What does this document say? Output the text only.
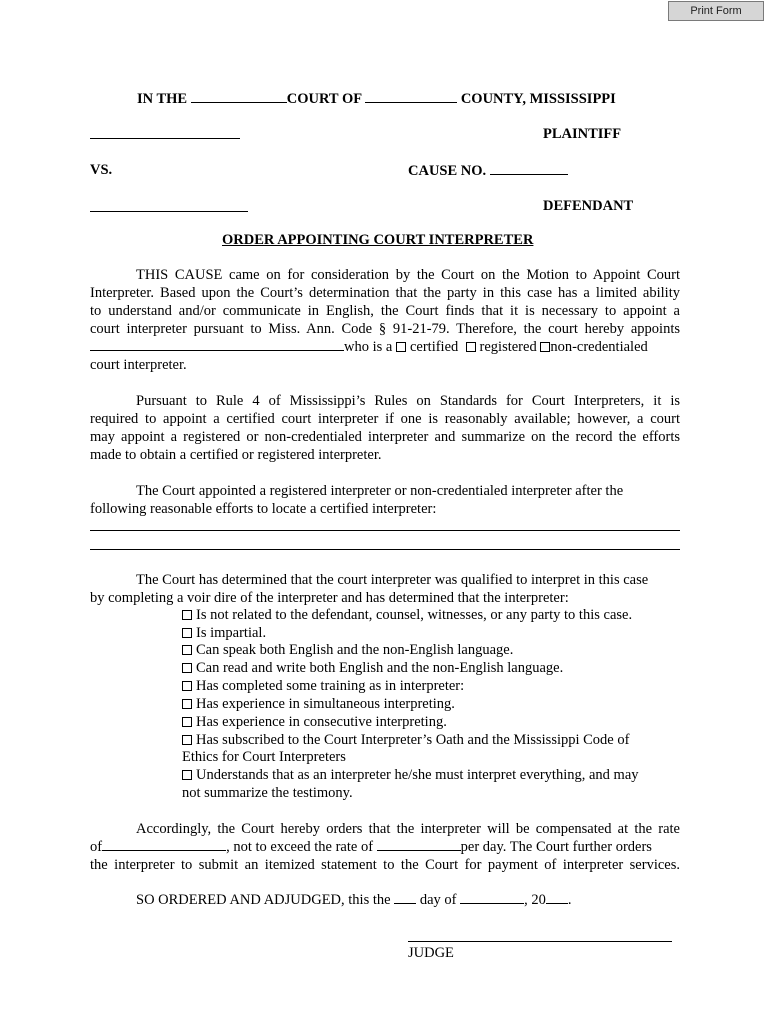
Print Form
IN THE	COURT OF	COUNTY, MISSISSIPPI
PLAINTIFF
VS.	CAUSE NO.
DEFENDANT
ORDER APPOINTING COURT INTERPRETER
THIS CAUSE came on for consideration by the Court on the Motion to Appoint Court
Interpreter. Based upon the Court’s determination that the party in this case has a limited ability
to understand and/or communicate in English, the Court finds that it is necessary to appoint a
court interpreter pursuant to Miss. Ann. Code § 91-21-79. Therefore, the court hereby appoints
who is a certified registered non-credentialed
court interpreter.
Pursuant to Rule 4 of Mississippi’s Rules on Standards for Court Interpreters, it is
required to appoint a certified court interpreter if one is reasonably available; however, a court
may appoint a registered or non-credentialed interpreter and summarize on the record the efforts
made to obtain a certified or registered interpreter.
The Court appointed a registered interpreter or non-credentialed interpreter after the
following reasonable efforts to locate a certified interpreter:
The Court has determined that the court interpreter was qualified to interpret in this case
by completing a voir dire of the interpreter and has determined that the interpreter:
Is not related to the defendant, counsel, witnesses, or any party to this case.
Is impartial.
Can speak both English and the non-English language.
Can read and write both English and the non-English language.
Has completed some training as in interpreter:
Has experience in simultaneous interpreting.
Has experience in consecutive interpreting.
Has subscribed to the Court Interpreter’s Oath and the Mississippi Code of
Ethics for Court Interpreters
Understands that as an interpreter he/she must interpret everything, and may
not summarize the testimony.
Accordingly, the Court hereby orders that the interpreter will be compensated at the rate
of	, not to exceed the rate of	per day. The Court further orders
the interpreter to submit an itemized statement to the Court for payment of interpreter services.
SO ORDERED AND ADJUDGED, this the day of	, 20 .
JUDGE
